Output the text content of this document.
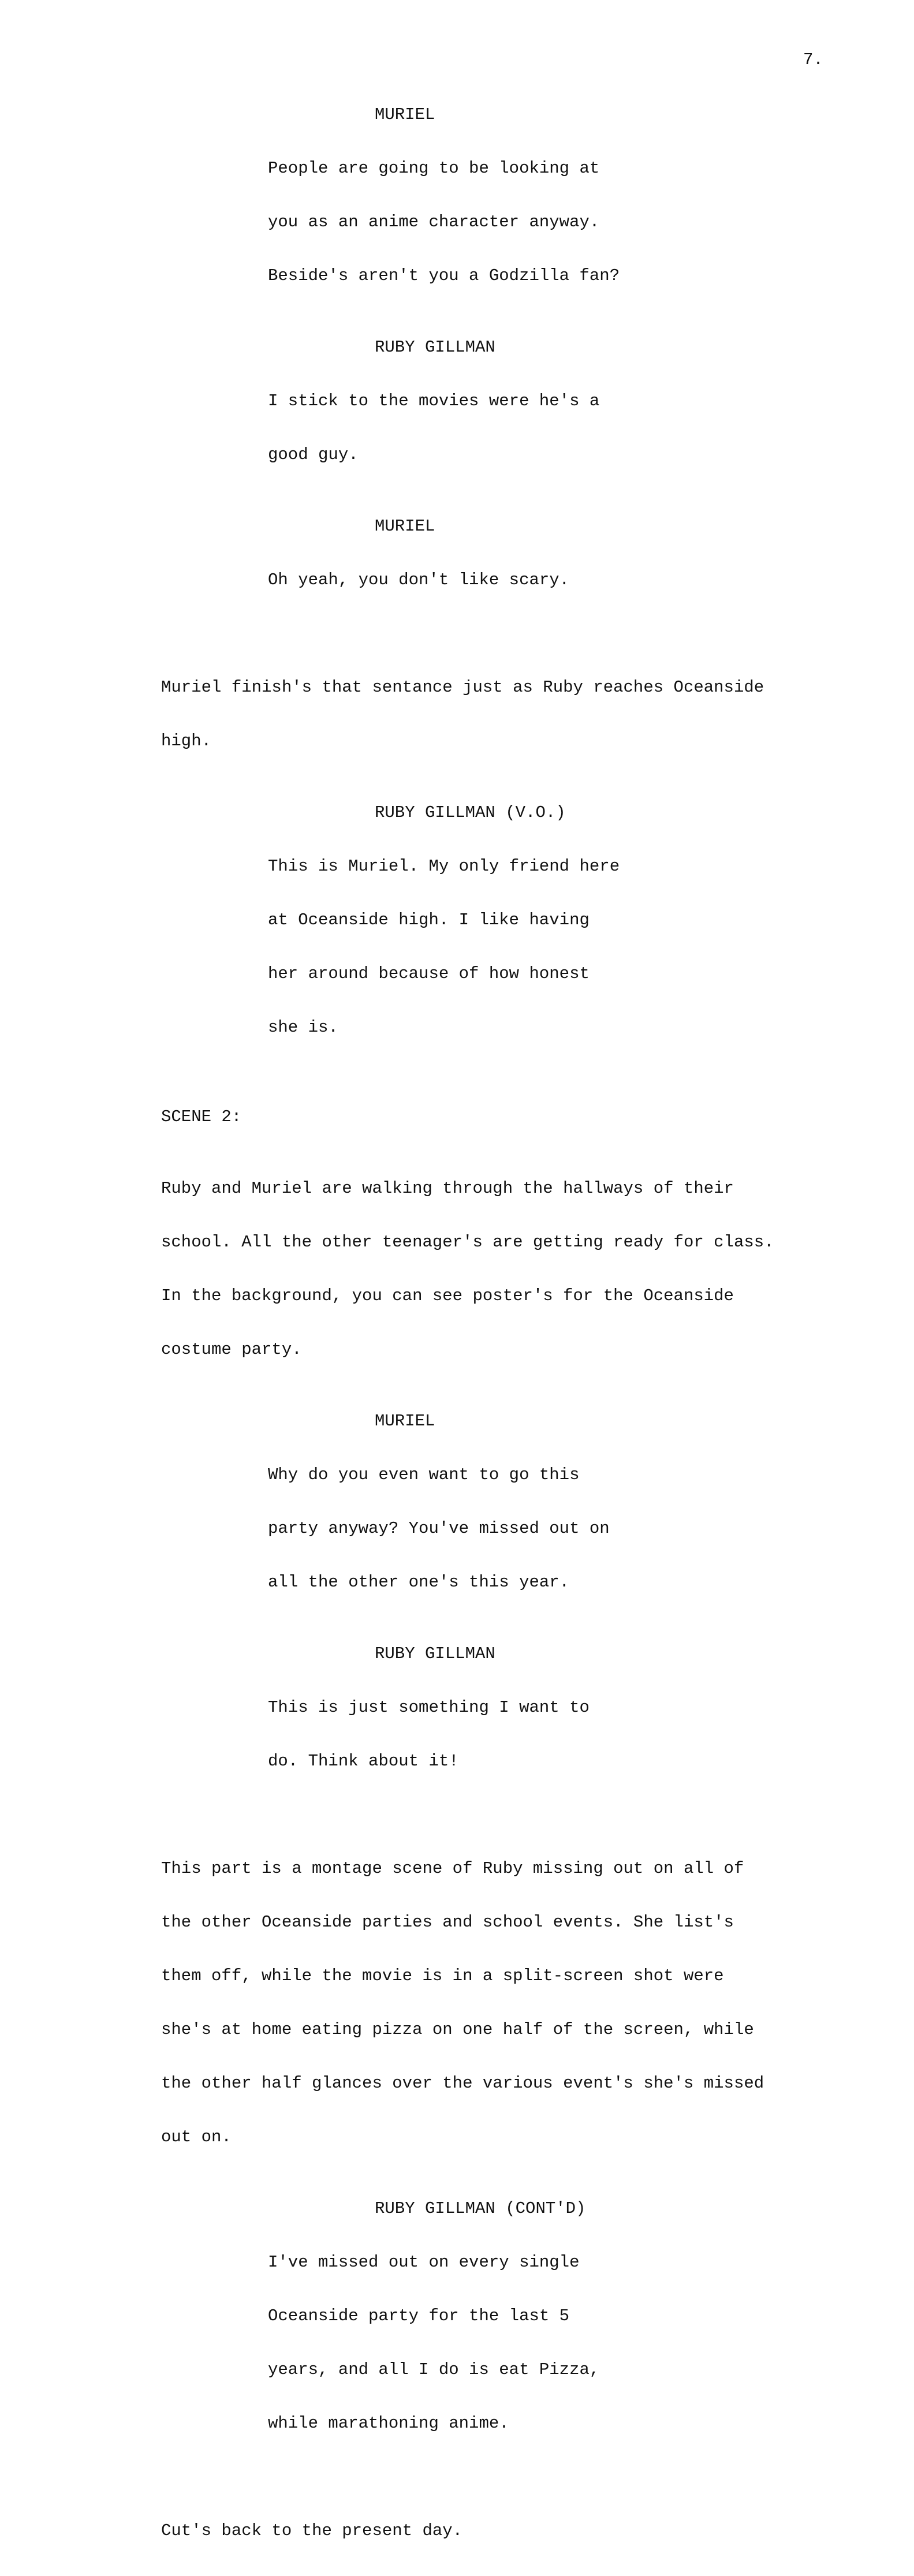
7.
MURIEL

People are going to be looking at

you as an anime character anyway.

Beside's aren't you a Godzilla fan?

RUBY GILLMAN

I stick to the movies were he's a

good guy.

MURIEL

Oh yeah, you don't like scary.

Muriel finish's that sentance just as Ruby reaches Oceanside

high.

RUBY GILLMAN (V.O.)

This is Muriel. My only friend here

at Oceanside high. I like having

her around because of how honest

she is.

SCENE 2:

Ruby and Muriel are walking through the hallways of their

school. All the other teenager's are getting ready for class.

In the background, you can see poster's for the Oceanside

costume party.

MURIEL

Why do you even want to go this

party anyway? You've missed out on

all the other one's this year.

RUBY GILLMAN

This is just something I want to

do. Think about it!

This part is a montage scene of Ruby missing out on all of

the other Oceanside parties and school events. She list's

them off, while the movie is in a split-screen shot were

she's at home eating pizza on one half of the screen, while

the other half glances over the various event's she's missed

out on.

RUBY GILLMAN (CONT'D)

I've missed out on every single

Oceanside party for the last 5

years, and all I do is eat Pizza,

while marathoning anime.

Cut's back to the present day.
